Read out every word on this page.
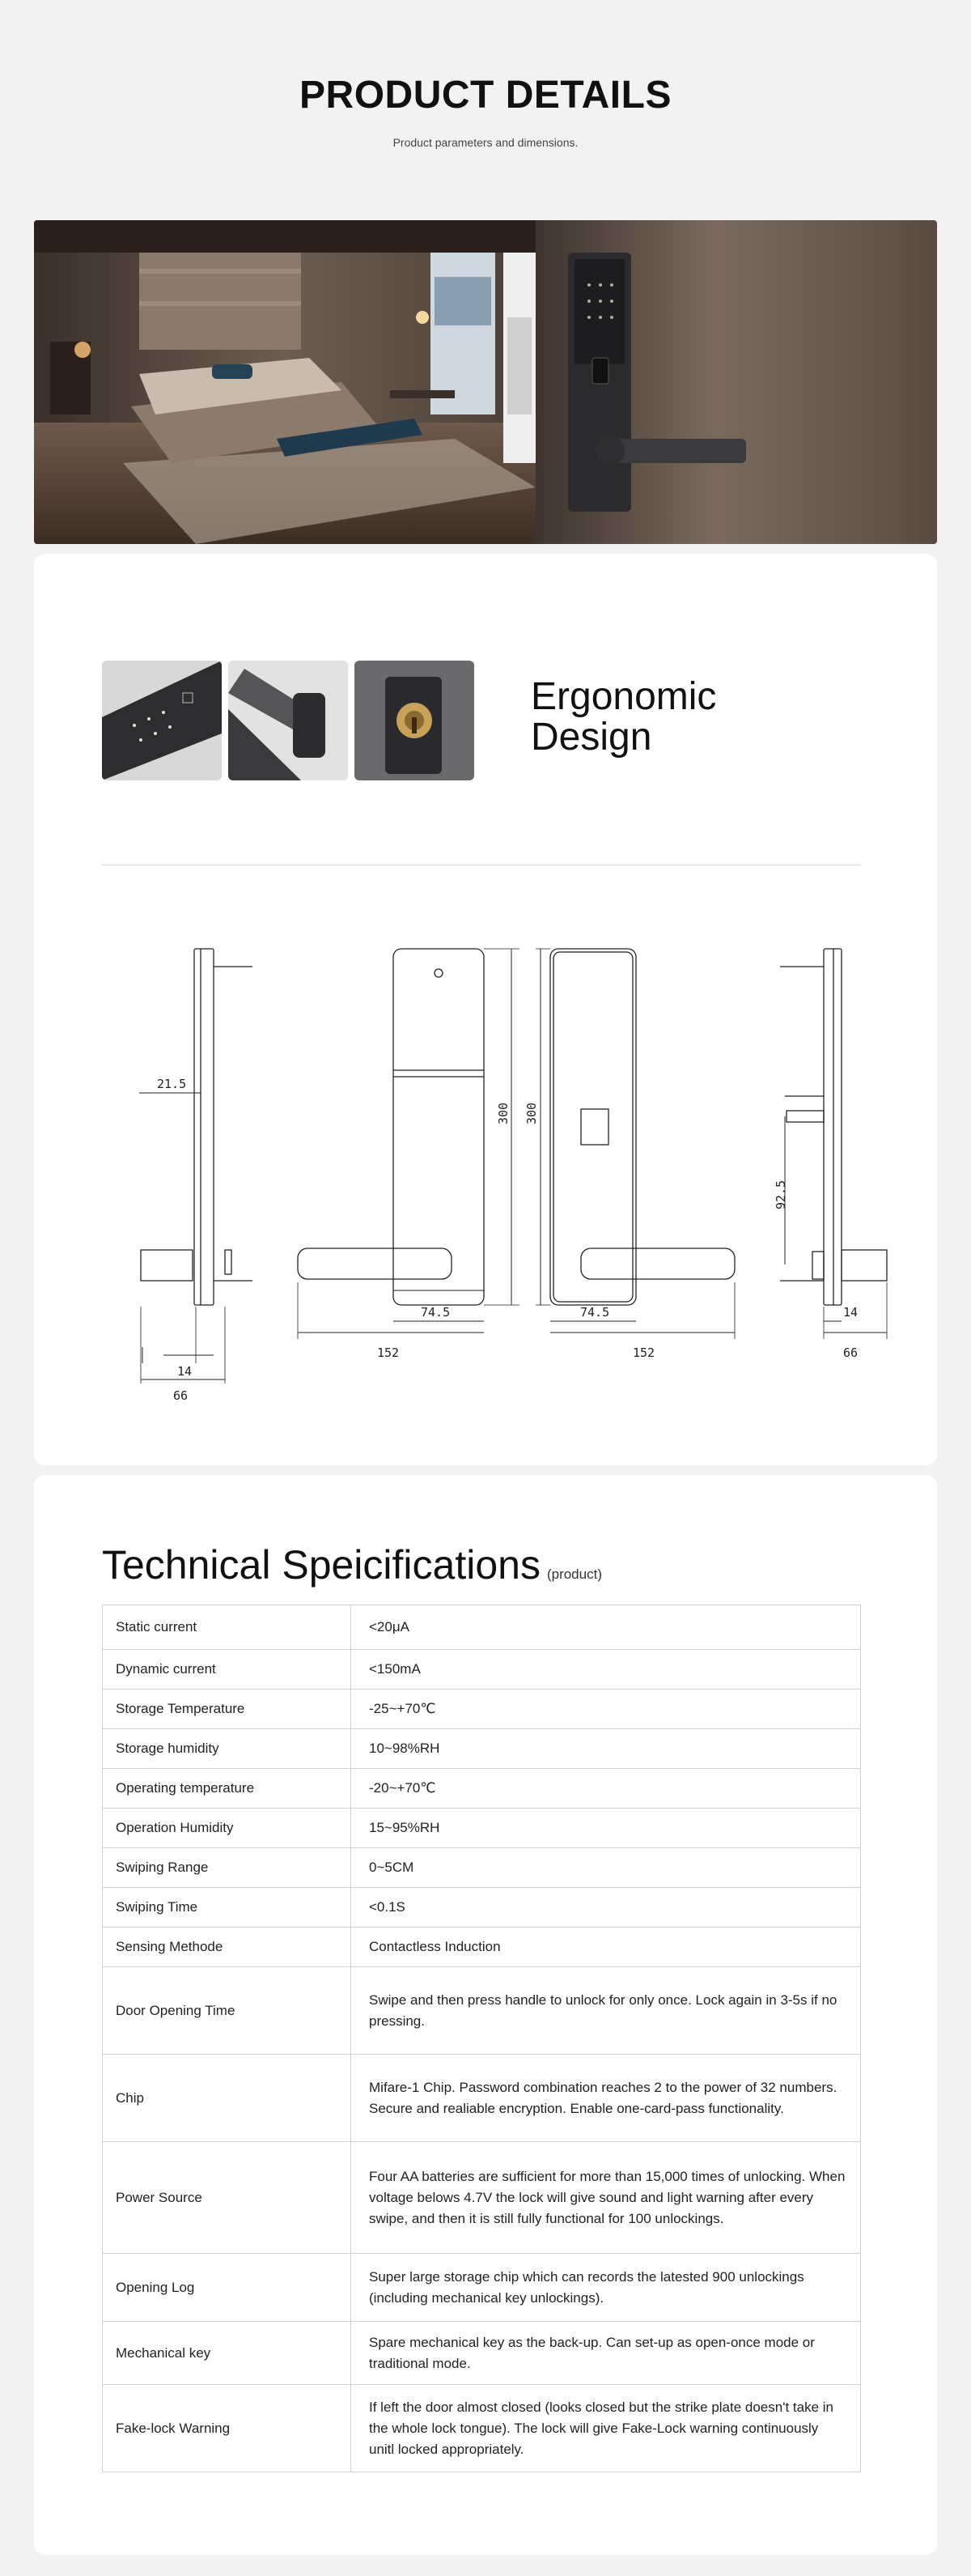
PRODUCT DETAILS
Product parameters and dimensions.
Ergonomic
Design
21.5
14
66
74.5
152
300
74.5
152
300
92.5
14
66
Technical Speicifications (product)
Static current	<20μA
Dynamic current	<150mA
Storage Temperature	-25~+70℃
Storage humidity	10~98%RH
Operating temperature	-20~+70℃
Operation Humidity	15~95%RH
Swiping Range	0~5CM
Swiping Time	<0.1S
Sensing Methode	Contactless Induction
Door Opening Time	Swipe and then press handle to unlock for only once. Lock again in 3-5s if no pressing.
Chip	Mifare-1 Chip. Password combination reaches 2 to the power of 32 numbers. Secure and realiable encryption. Enable one-card-pass functionality.
Power Source	Four AA batteries are sufficient for more than 15,000 times of unlocking. When voltage belows 4.7V the lock will give sound and light warning after every swipe, and then it is still fully functional for 100 unlockings.
Opening Log	Super large storage chip which can records the latested 900 unlockings (including mechanical key unlockings).
Mechanical key	Spare mechanical key as the back-up. Can set-up as open-once mode or traditional mode.
Fake-lock Warning	If left the door almost closed (looks closed but the strike plate doesn't take in the whole lock tongue). The lock will give Fake-Lock warning continuously unitl locked appropriately.
